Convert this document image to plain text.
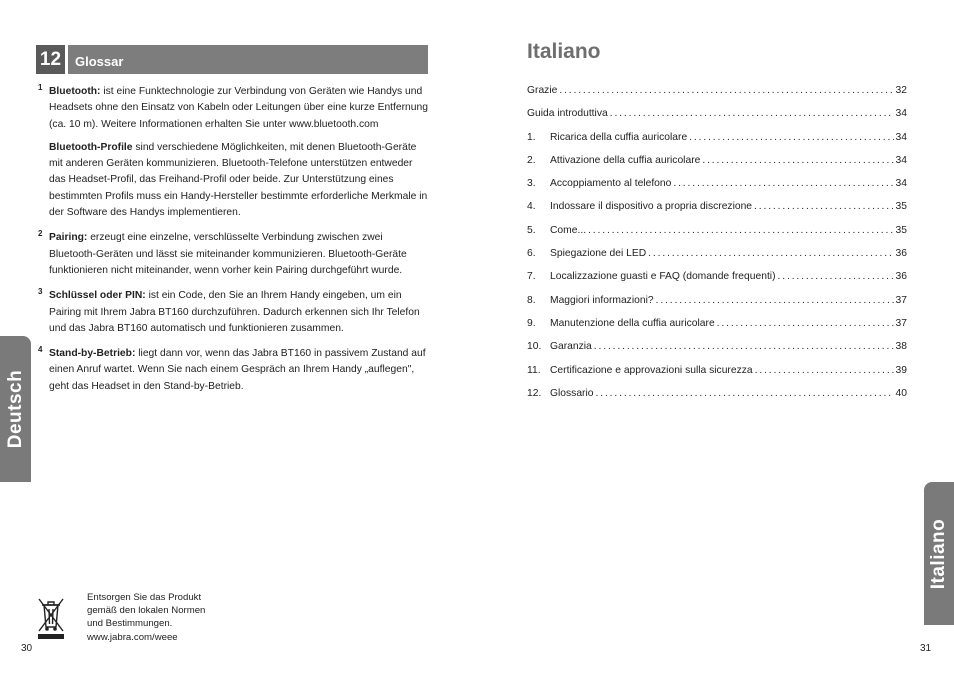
12	Glossar
1 Bluetooth: ist eine Funktechnologie zur Verbindung von Geräten wie Handys und Headsets ohne den Einsatz von Kabeln oder Leitungen über eine kurze Entfernung (ca. 10 m). Weitere Informationen erhalten Sie unter www.bluetooth.com
Bluetooth-Profile sind verschiedene Möglichkeiten, mit denen Bluetooth-Geräte mit anderen Geräten kommunizieren. Bluetooth-Telefone unterstützen entweder das Headset-Profil, das Freihand-Profil oder beide. Zur Unterstützung eines bestimmten Profils muss ein Handy-Hersteller bestimmte erforderliche Merkmale in der Software des Handys implementieren.
2 Pairing: erzeugt eine einzelne, verschlüsselte Verbindung zwischen zwei Bluetooth-Geräten und lässt sie miteinander kommunizieren. Bluetooth-Geräte funktionieren nicht miteinander, wenn vorher kein Pairing durchgeführt wurde.
3 Schlüssel oder PIN: ist ein Code, den Sie an Ihrem Handy eingeben, um ein Pairing mit Ihrem Jabra BT160 durchzuführen. Dadurch erkennen sich Ihr Telefon und das Jabra BT160 automatisch und funktionieren zusammen.
4 Stand-by-Betrieb: liegt dann vor, wenn das Jabra BT160 in passivem Zustand auf einen Anruf wartet. Wenn Sie nach einem Gespräch an Ihrem Handy „auflegen", geht das Headset in den Stand-by-Betrieb.
Deutsch
Entsorgen Sie das Produkt
gemäß den lokalen Normen
und Bestimmungen.
www.jabra.com/weee
30
Italiano
Grazie . . .	32
Guida introduttiva . . .	34
1.	Ricarica della cuffia auricolare . . .	34
2.	Attivazione della cuffia auricolare . . .	34
3.	Accoppiamento al telefono . . .	34
4.	Indossare il dispositivo a propria discrezione . . .	35
5.	Come... . . .	35
6.	Spiegazione dei LED . . .	36
7.	Localizzazione guasti e FAQ (domande frequenti) . . .	36
8.	Maggiori informazioni? . . .	37
9.	Manutenzione della cuffia auricolare . . .	37
10. Garanzia . . .	38
11. Certificazione e approvazioni sulla sicurezza . . .	39
12. Glossario . . .	40
Italiano
31
